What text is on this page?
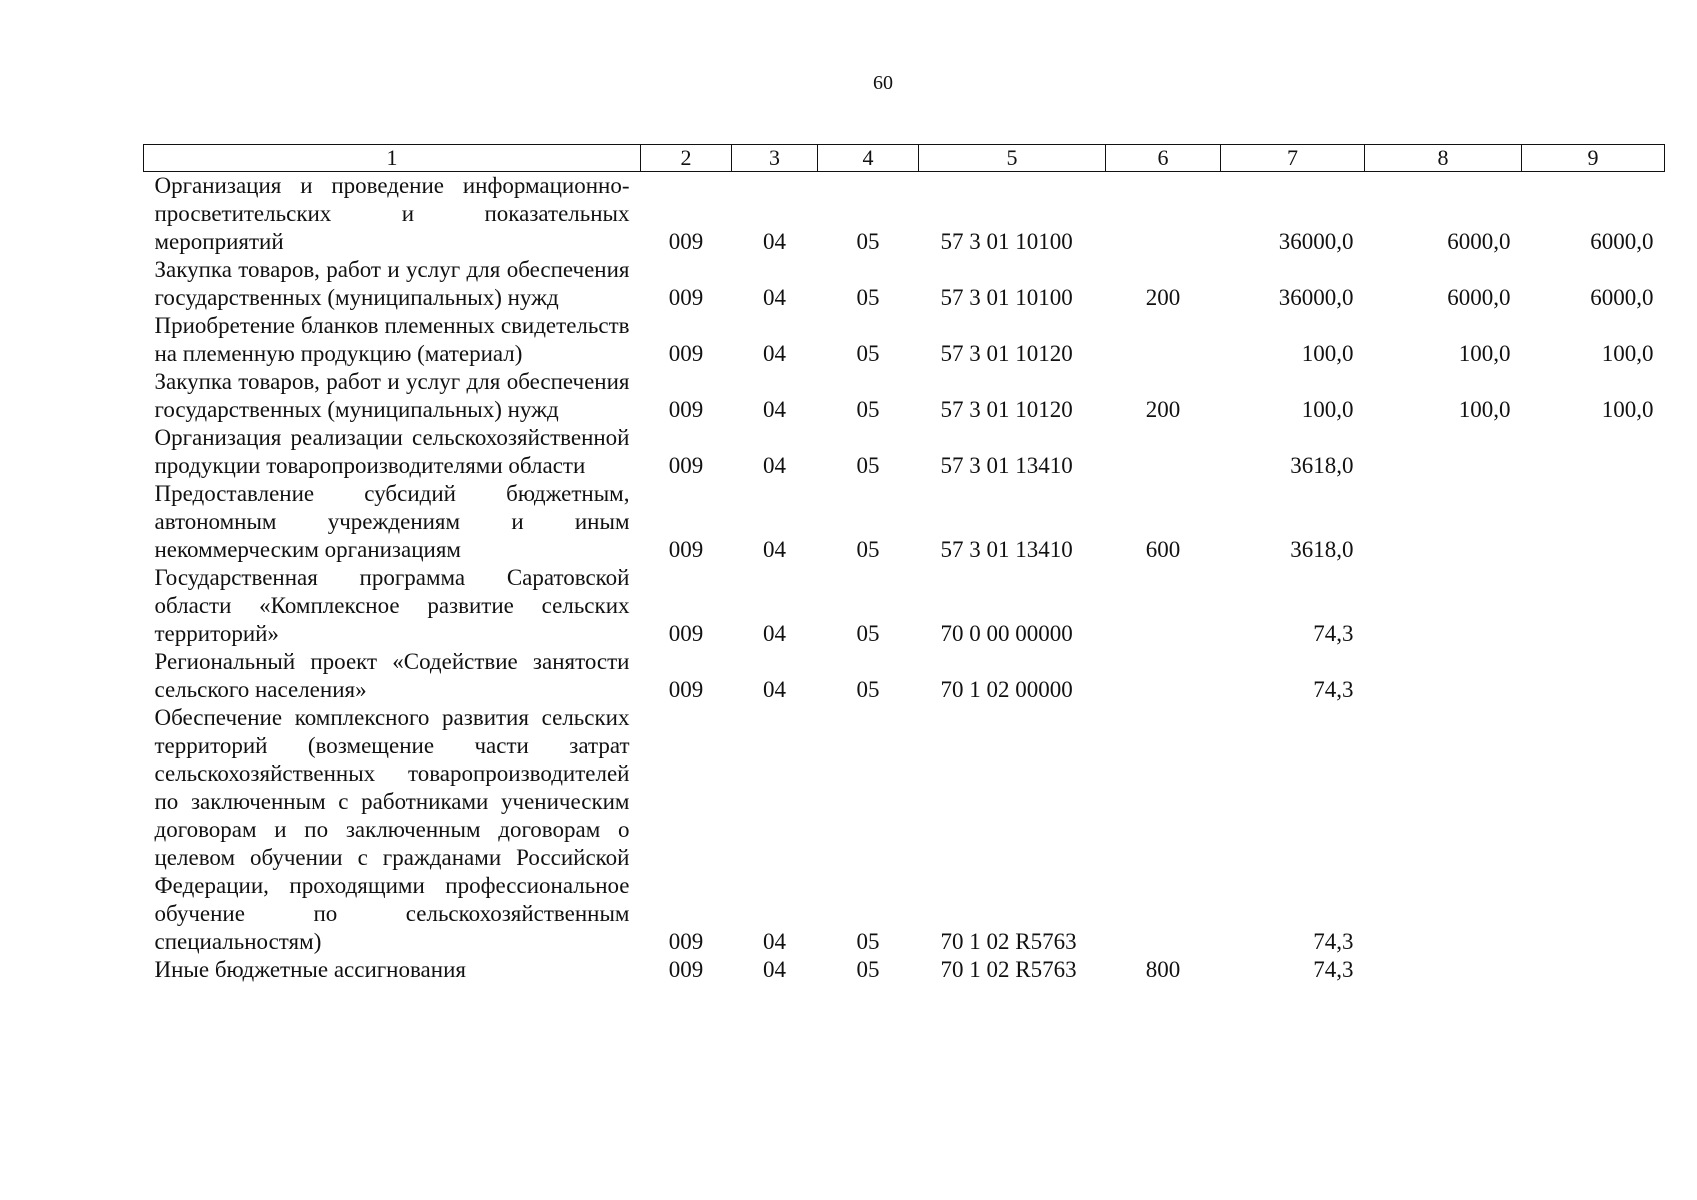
60
1	2	3	4	5	6	7	8	9
Организация и проведение информационно-просветительских и показательных мероприятий	009	04	05	57 3 01 10100		36000,0	6000,0	6000,0
Закупка товаров, работ и услуг для обеспечения государственных (муниципальных) нужд	009	04	05	57 3 01 10100	200	36000,0	6000,0	6000,0
Приобретение бланков племенных свидетельств на племенную продукцию (материал)	009	04	05	57 3 01 10120		100,0	100,0	100,0
Закупка товаров, работ и услуг для обеспечения государственных (муниципальных) нужд	009	04	05	57 3 01 10120	200	100,0	100,0	100,0
Организация реализации сельскохозяйственной продукции товаропроизводителями области	009	04	05	57 3 01 13410		3618,0		
Предоставление субсидий бюджетным, автономным учреждениям и иным некоммерческим организациям	009	04	05	57 3 01 13410	600	3618,0		
Государственная программа Саратовской области «Комплексное развитие сельских территорий»	009	04	05	70 0 00 00000		74,3		
Региональный проект «Содействие занятости сельского населения»	009	04	05	70 1 02 00000		74,3		
Обеспечение комплексного развития сельских территорий (возмещение части затрат сельскохозяйственных товаропроизводителей по заключенным с работниками ученическим договорам и по заключенным договорам о целевом обучении с гражданами Российской Федерации, проходящими профессиональное обучение по сельскохозяйственным специальностям)	009	04	05	70 1 02 R5763		74,3		
Иные бюджетные ассигнования	009	04	05	70 1 02 R5763	800	74,3		
